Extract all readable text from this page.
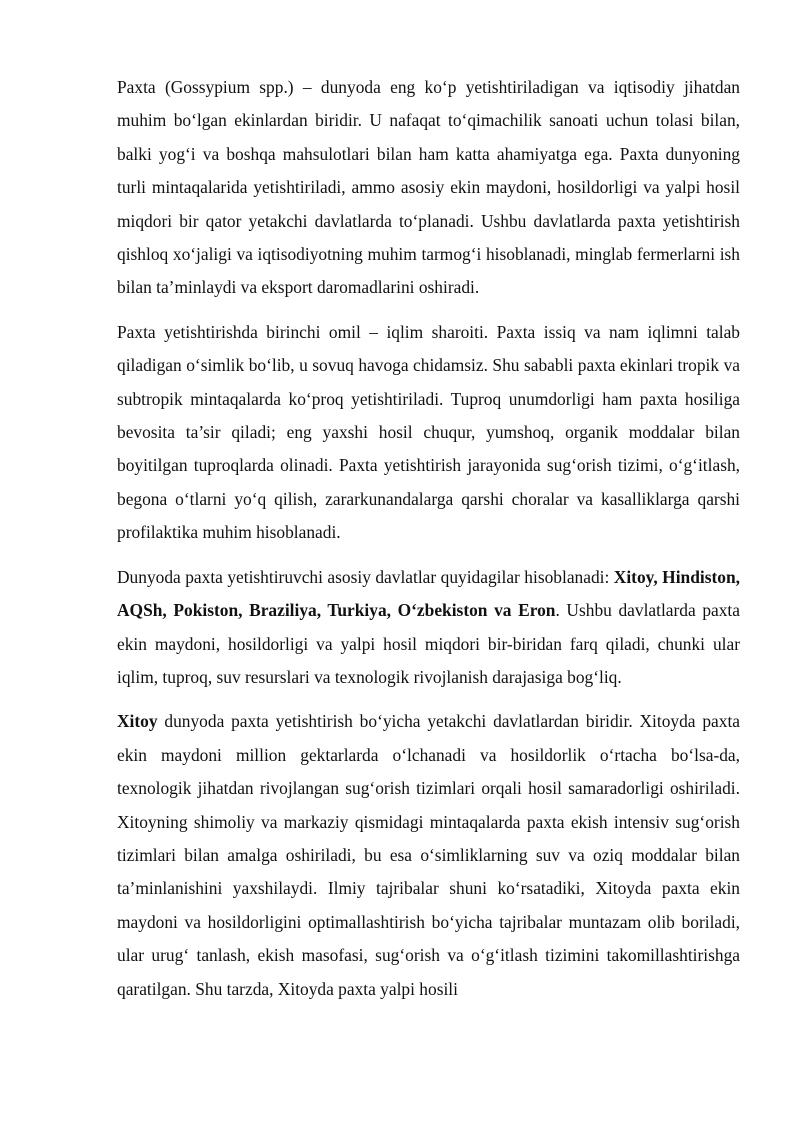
Paxta (Gossypium spp.) – dunyoda eng ko‘p yetishtiriladigan va iqtisodiy jihatdan muhim bo‘lgan ekinlardan biridir. U nafaqat to‘qimachilik sanoati uchun tolasi bilan, balki yog‘i va boshqa mahsulotlari bilan ham katta ahamiyatga ega. Paxta dunyoning turli mintaqalarida yetishtiriladi, ammo asosiy ekin maydoni, hosildorligi va yalpi hosil miqdori bir qator yetakchi davlatlarda to‘planadi. Ushbu davlatlarda paxta yetishtirish qishloq xo‘jaligi va iqtisodiyotning muhim tarmog‘i hisoblanadi, minglab fermerlarni ish bilan ta’minlaydi va eksport daromadlarini oshiradi.

Paxta yetishtirishda birinchi omil – iqlim sharoiti. Paxta issiq va nam iqlimni talab qiladigan o‘simlik bo‘lib, u sovuq havoga chidamsiz. Shu sababli paxta ekinlari tropik va subtropik mintaqalarda ko‘proq yetishtiriladi. Tuproq unumdorligi ham paxta hosiliga bevosita ta’sir qiladi; eng yaxshi hosil chuqur, yumshoq, organik moddalar bilan boyitilgan tuproqlarda olinadi. Paxta yetishtirish jarayonida sug‘orish tizimi, o‘g‘itlash, begona o‘tlarni yo‘q qilish, zararkunandalarga qarshi choralar va kasalliklarga qarshi profilaktika muhim hisoblanadi.

Dunyoda paxta yetishtiruvchi asosiy davlatlar quyidagilar hisoblanadi: Xitoy, Hindiston, AQSh, Pokiston, Braziliya, Turkiya, O‘zbekiston va Eron. Ushbu davlatlarda paxta ekin maydoni, hosildorligi va yalpi hosil miqdori bir-biridan farq qiladi, chunki ular iqlim, tuproq, suv resurslari va texnologik rivojlanish darajasiga bog‘liq.

Xitoy dunyoda paxta yetishtirish bo‘yicha yetakchi davlatlardan biridir. Xitoyda paxta ekin maydoni million gektarlarda o‘lchanadi va hosildorlik o‘rtacha bo‘lsa-da, texnologik jihatdan rivojlangan sug‘orish tizimlari orqali hosil samaradorligi oshiriladi. Xitoyning shimoliy va markaziy qismidagi mintaqalarda paxta ekish intensiv sug‘orish tizimlari bilan amalga oshiriladi, bu esa o‘simliklarning suv va oziq moddalar bilan ta’minlanishini yaxshilaydi. Ilmiy tajribalar shuni ko‘rsatadiki, Xitoyda paxta ekin maydoni va hosildorligini optimallashtirish bo‘yicha tajribalar muntazam olib boriladi, ular urug‘ tanlash, ekish masofasi, sug‘orish va o‘g‘itlash tizimini takomillashtirishga qaratilgan. Shu tarzda, Xitoyda paxta yalpi hosili
